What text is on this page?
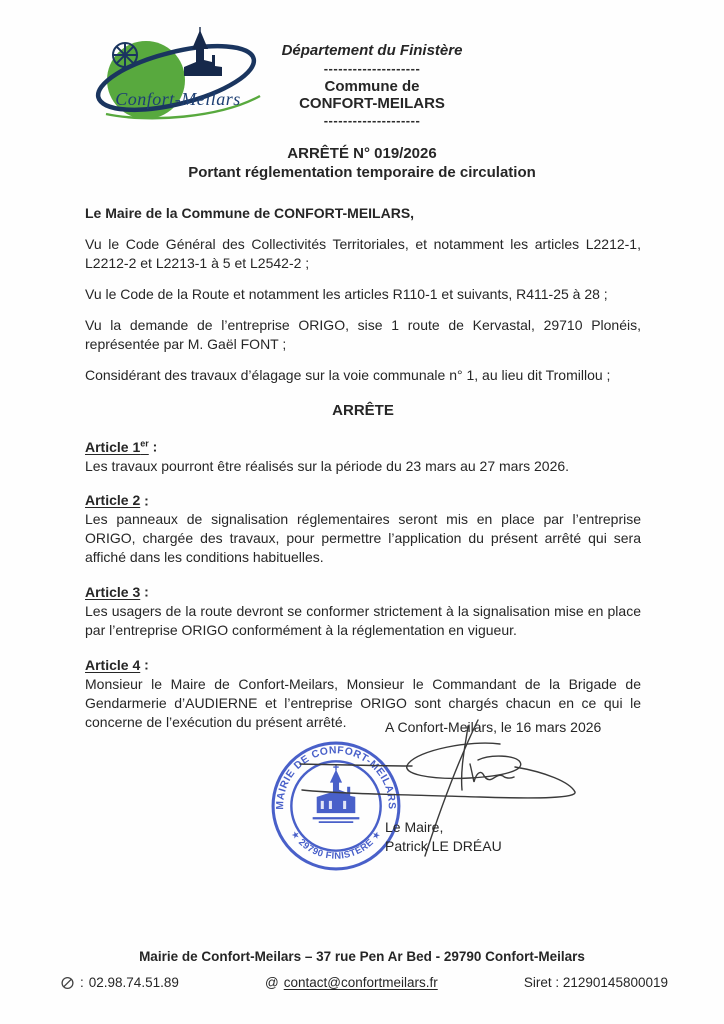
Confort-Meilars
Département du Finistère
--------------------
Commune de
CONFORT-MEILARS
--------------------
ARRÊTÉ N° 019/2026
Portant réglementation temporaire de circulation

Le Maire de la Commune de CONFORT-MEILARS,

Vu le Code Général des Collectivités Territoriales, et notamment les articles L2212-1, L2212-2 et L2213-1 à 5 et L2542-2 ;

Vu le Code de la Route et notamment les articles R110-1 et suivants, R411-25 à 28 ;

Vu la demande de l’entreprise ORIGO, sise 1 route de Kervastal, 29710 Plonéis, représentée par M. Gaël FONT ;

Considérant des travaux d’élagage sur la voie communale n° 1, au lieu dit Tromillou ;

ARRÊTE
Article 1er :

Les travaux pourront être réalisés sur la période du 23 mars au 27 mars 2026.

Article 2 :

Les panneaux de signalisation réglementaires seront mis en place par l’entreprise ORIGO, chargée des travaux, pour permettre l’application du présent arrêté qui sera affiché dans les conditions habituelles.

Article 3 :

Les usagers de la route devront se conformer strictement à la signalisation mise en place par l’entreprise ORIGO conformément à la réglementation en vigueur.

Article 4 :

Monsieur le Maire de Confort-Meilars, Monsieur le Commandant de la Brigade de Gendarmerie d’AUDIERNE et l’entreprise ORIGO sont chargés chacun en ce qui le concerne de l’exécution du présent arrêté.	A Confort-Meilars, le 16 mars 2026
MAIRIE DE CONFORT-MEILARS
★ 29790 FINISTÈRE ★ Le Maire,
Patrick LE DRÉAU
Mairie de Confort-Meilars – 37 rue Pen Ar Bed - 29790 Confort-Meilars
: 02.98.74.51.89	@ contact@confortmeilars.fr	Siret : 21290145800019
